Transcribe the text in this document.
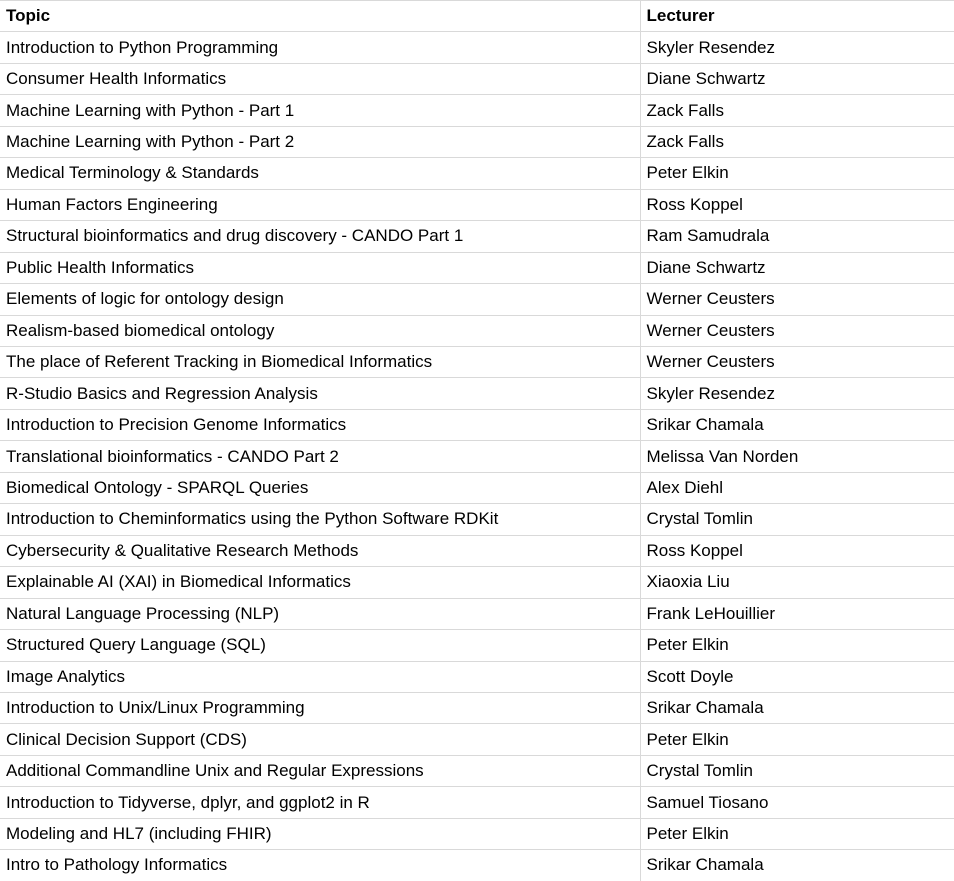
Topic	Lecturer
Introduction to Python Programming	Skyler Resendez
Consumer Health Informatics	Diane Schwartz
Machine Learning with Python - Part 1	Zack Falls
Machine Learning with Python - Part 2	Zack Falls
Medical Terminology & Standards	Peter Elkin
Human Factors Engineering	Ross Koppel
Structural bioinformatics and drug discovery - CANDO Part 1	Ram Samudrala
Public Health Informatics	Diane Schwartz
Elements of logic for ontology design	Werner Ceusters
Realism-based biomedical ontology	Werner Ceusters
The place of Referent Tracking in Biomedical Informatics	Werner Ceusters
R-Studio Basics and Regression Analysis	Skyler Resendez
Introduction to Precision Genome Informatics	Srikar Chamala
Translational bioinformatics - CANDO Part 2	Melissa Van Norden
Biomedical Ontology - SPARQL Queries	Alex Diehl
Introduction to Cheminformatics using the Python Software RDKit	Crystal Tomlin
Cybersecurity & Qualitative Research Methods	Ross Koppel
Explainable AI (XAI) in Biomedical Informatics	Xiaoxia Liu
Natural Language Processing (NLP)	Frank LeHouillier
Structured Query Language (SQL)	Peter Elkin
Image Analytics	Scott Doyle
Introduction to Unix/Linux Programming	Srikar Chamala
Clinical Decision Support (CDS)	Peter Elkin
Additional Commandline Unix and Regular Expressions	Crystal Tomlin
Introduction to Tidyverse, dplyr, and ggplot2 in R	Samuel Tiosano
Modeling and HL7 (including FHIR)	Peter Elkin
Intro to Pathology Informatics	Srikar Chamala
